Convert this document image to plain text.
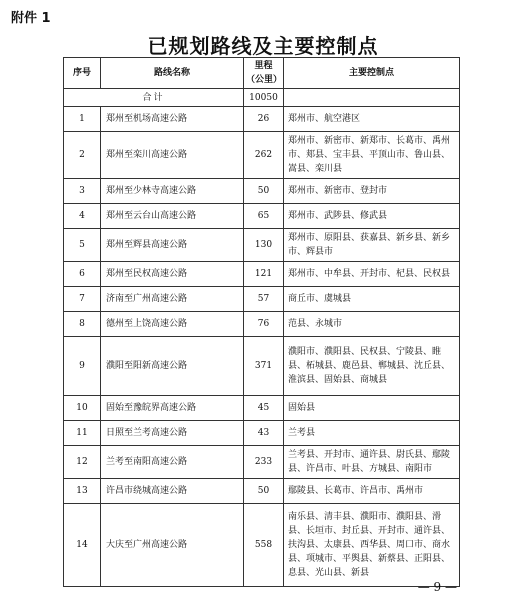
附件 1
已规划路线及主要控制点
序号	路线名称	里程（公里）	主要控制点
合计		10050	
1	郑州至机场高速公路	26	郑州市、航空港区
2	郑州至栾川高速公路	262	郑州市、新密市、新郑市、长葛市、禹州市、郏县、宝丰县、平顶山市、鲁山县、嵩县、栾川县
3	郑州至少林寺高速公路	50	郑州市、新密市、登封市
4	郑州至云台山高速公路	65	郑州市、武陟县、修武县
5	郑州至辉县高速公路	130	郑州市、原阳县、获嘉县、新乡县、新乡市、辉县市
6	郑州至民权高速公路	121	郑州市、中牟县、开封市、杞县、民权县
7	济南至广州高速公路	57	商丘市、虞城县
8	德州至上饶高速公路	76	范县、永城市
9	濮阳至阳新高速公路	371	濮阳市、濮阳县、民权县、宁陵县、睢县、柘城县、鹿邑县、郸城县、沈丘县、淮滨县、固始县、商城县
10	固始至豫皖界高速公路	45	固始县
11	日照至兰考高速公路	43	兰考县
12	兰考至南阳高速公路	233	兰考县、开封市、通许县、尉氏县、鄢陵县、许昌市、叶县、方城县、南阳市
13	许昌市绕城高速公路	50	鄢陵县、长葛市、许昌市、禹州市
14	大庆至广州高速公路	558	南乐县、清丰县、濮阳市、濮阳县、滑县、长垣市、封丘县、开封市、通许县、扶沟县、太康县、西华县、周口市、商水县、项城市、平舆县、新蔡县、正阳县、息县、光山县、新县
— 9 —
